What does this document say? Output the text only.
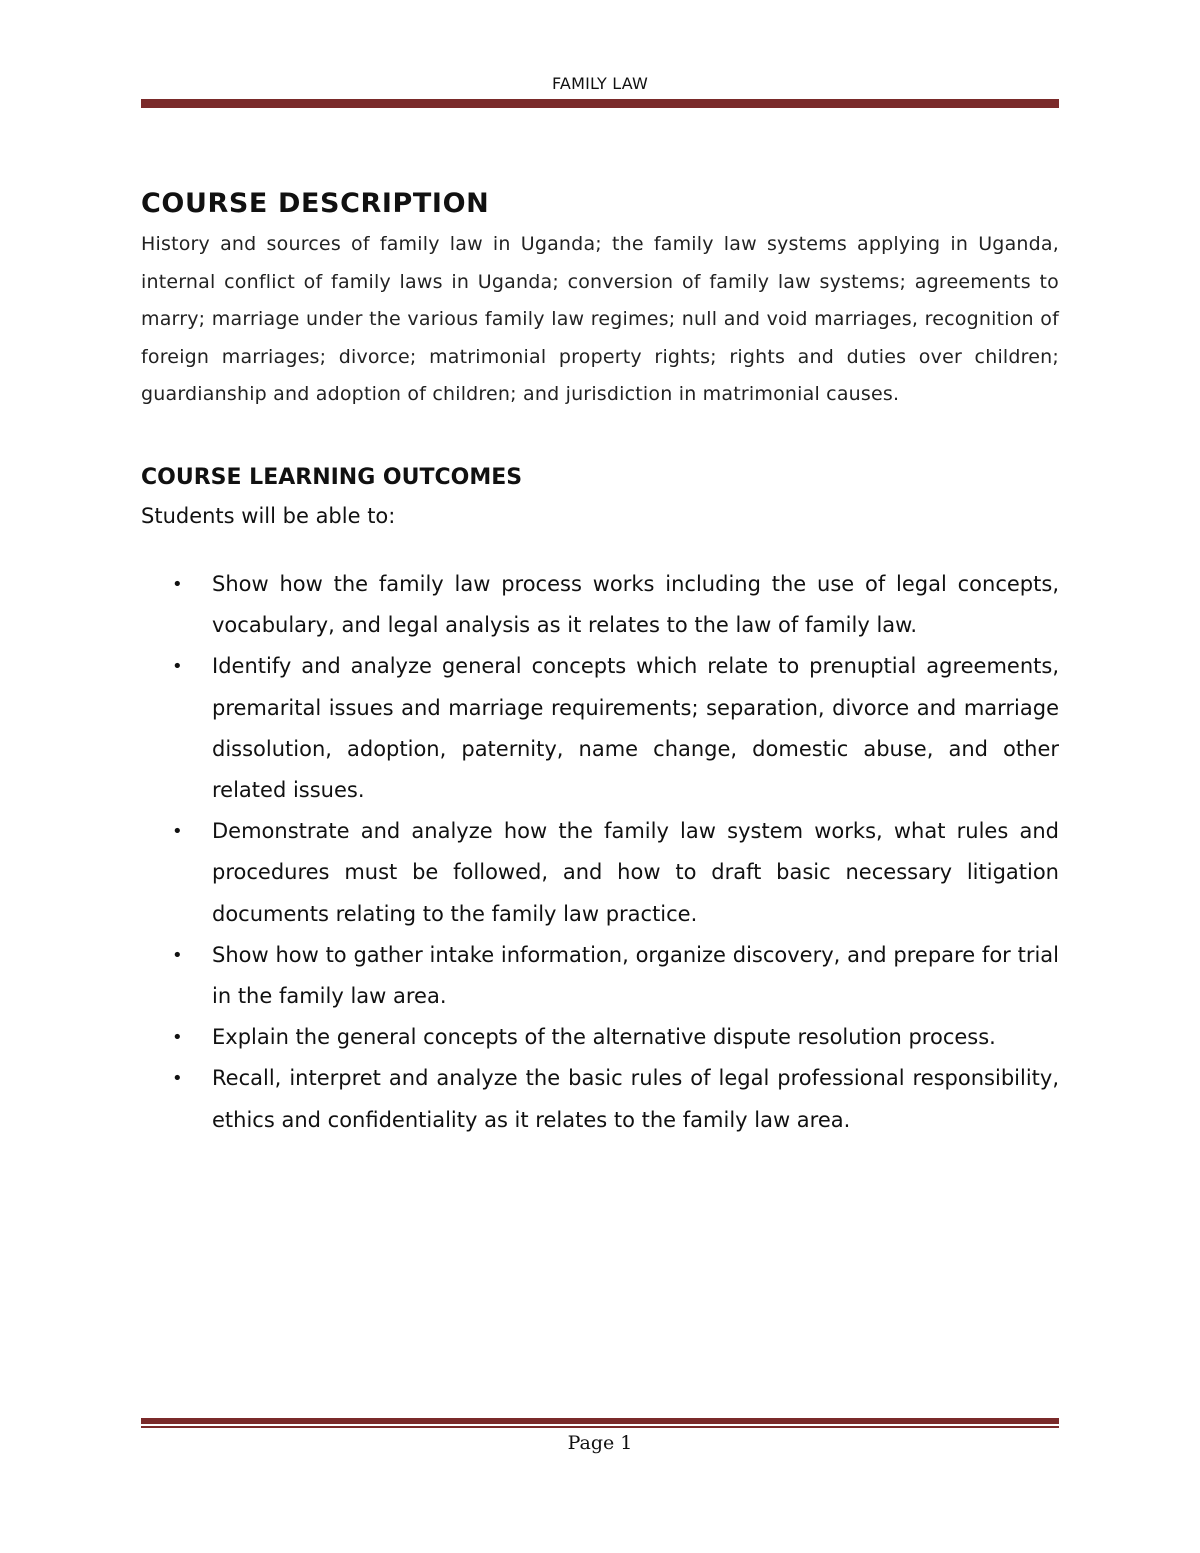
FAMILY LAW
COURSE DESCRIPTION

History and sources of family law in Uganda; the family law systems applying in Uganda, internal conflict of family laws in Uganda; conversion of family law systems; agreements to marry; marriage under the various family law regimes; null and void marriages, recognition of foreign marriages; divorce; matrimonial property rights; rights and duties over children; guardianship and adoption of children; and jurisdiction in matrimonial causes.

COURSE LEARNING OUTCOMES

Students will be able to:

• Show how the family law process works including the use of legal concepts, vocabulary, and legal analysis as it relates to the law of family law.
• Identify and analyze general concepts which relate to prenuptial agreements, premarital issues and marriage requirements; separation, divorce and marriage dissolution, adoption, paternity, name change, domestic abuse, and other related issues.
• Demonstrate and analyze how the family law system works, what rules and procedures must be followed, and how to draft basic necessary litigation documents relating to the family law practice.
• Show how to gather intake information, organize discovery, and prepare for trial in the family law area.
• Explain the general concepts of the alternative dispute resolution process.
• Recall, interpret and analyze the basic rules of legal professional responsibility, ethics and confidentiality as it relates to the family law area.
Page 1
